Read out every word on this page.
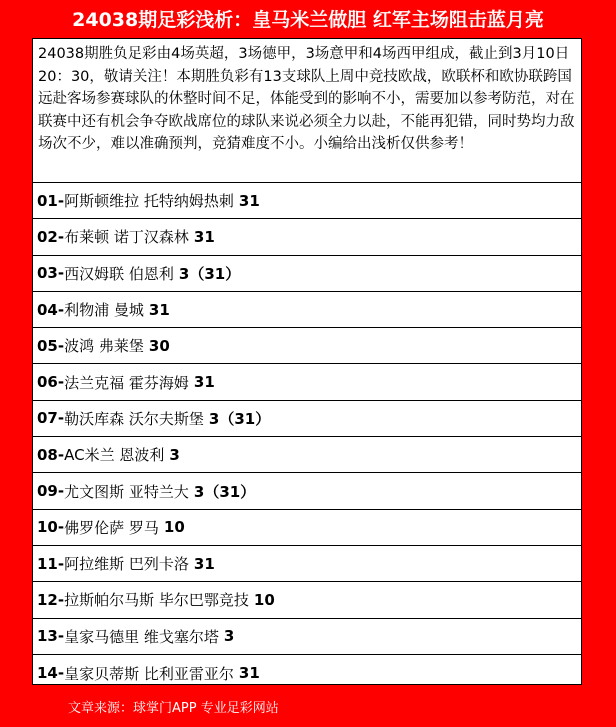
24038期足彩浅析：皇马米兰做胆 红军主场阻击蓝月亮
24038期胜负足彩由4场英超，3场德甲，3场意甲和4场西甲组成，截止到3月10日20：30，敬请关注！本期胜负彩有13支球队上周中竞技欧战，欧联杯和欧协联跨国远赴客场参赛球队的休整时间不足，体能受到的影响不小，需要加以参考防范，对在联赛中还有机会争夺欧战席位的球队来说必须全力以赴，不能再犯错，同时势均力敌场次不少，难以准确预判，竞猜难度不小。小编给出浅析仅供参考！
01 - 阿斯顿维拉 托特纳姆热刺 31
02 - 布莱顿 诺丁汉森林 31
03 - 西汉姆联 伯恩利 3（31）
04 - 利物浦 曼城 31
05 - 波鸿 弗莱堡 30
06 - 法兰克福 霍芬海姆 31
07 - 勒沃库森 沃尔夫斯堡 3（31）
08 - AC米兰 恩波利 3
09 - 尤文图斯 亚特兰大 3（31）
10 - 佛罗伦萨 罗马 10
11 - 阿拉维斯 巴列卡洛 31
12 - 拉斯帕尔马斯 毕尔巴鄂竞技 10
13 - 皇家马德里 维戈塞尔塔 3
14 - 皇家贝蒂斯 比利亚雷亚尔 31
文章来源：球掌门APP 专业足彩网站
